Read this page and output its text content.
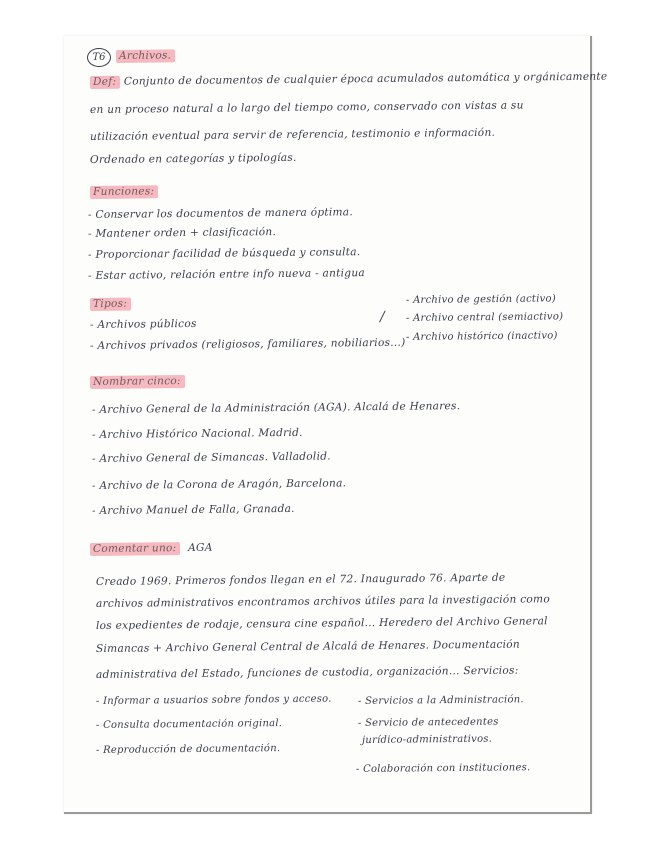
T6	Archivos.
Def: Conjunto de documentos de cualquier época acumulados automática y orgánicamente
en un proceso natural a lo largo del tiempo como, conservado con vistas a su
utilización eventual para servir de referencia, testimonio e información.
Ordenado en categorías y tipologías.
Funciones:
- Conservar los documentos de manera óptima.
- Mantener orden + clasificación.
- Proporcionar facilidad de búsqueda y consulta.
- Estar activo, relación entre info nueva - antigua
Tipos:
- Archivos públicos
- Archivos privados (religiosos, familiares, nobiliarios...)
/
- Archivo de gestión (activo)
- Archivo central (semiactivo)
- Archivo histórico (inactivo)
Nombrar cinco:
- Archivo General de la Administración (AGA). Alcalá de Henares.
- Archivo Histórico Nacional. Madrid.
- Archivo General de Simancas. Valladolid.
- Archivo de la Corona de Aragón, Barcelona.
- Archivo Manuel de Falla, Granada.
Comentar uno: AGA
Creado 1969. Primeros fondos llegan en el 72. Inaugurado 76. Aparte de
archivos administrativos encontramos archivos útiles para la investigación como
los expedientes de rodaje, censura cine español... Heredero del Archivo General
Simancas + Archivo General Central de Alcalá de Henares. Documentación
administrativa del Estado, funciones de custodia, organización... Servicios:
- Informar a usuarios sobre fondos y acceso.
- Consulta documentación original.
- Reproducción de documentación.
- Servicios a la Administración.
- Servicio de antecedentes
jurídico-administrativos.
- Colaboración con instituciones.
